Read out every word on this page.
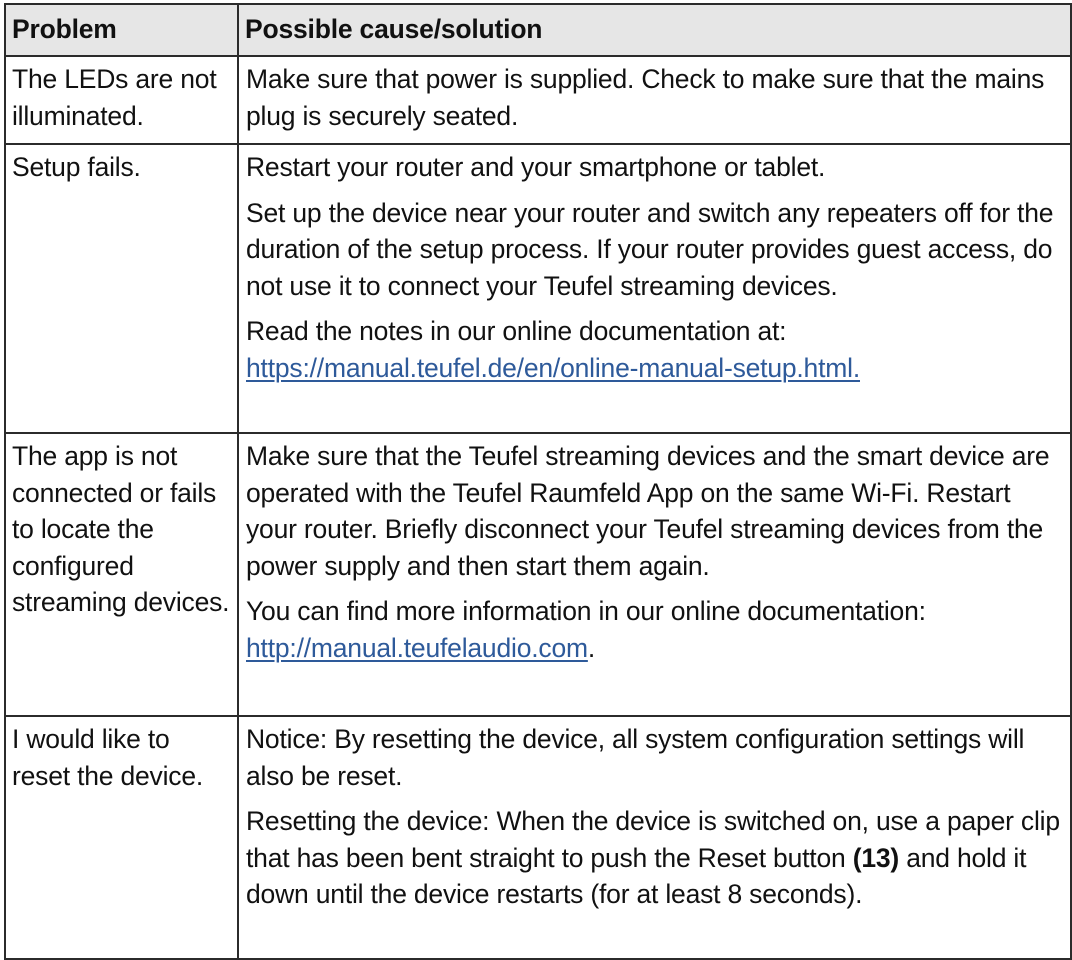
Problem	Possible cause/solution
The LEDs are not illuminated.	Make sure that power is supplied. Check to make sure that the mains plug is securely seated.

Setup fails.	Restart your router and your smartphone or tablet.

Set up the device near your router and switch any repeaters off for the duration of the setup process. If your router provides guest access, do not use it to connect your Teufel streaming devices.

Read the notes in our online documentation at:
https://manual.teufel.de/en/online-manual-setup.html.

The app is not connected or fails to locate the configured streaming devices.	Make sure that the Teufel streaming devices and the smart device are operated with the Teufel Raumfeld App on the same Wi-Fi. Restart your router. Briefly disconnect your Teufel streaming devices from the power supply and then start them again.

You can find more information in our online documentation:
http://manual.teufelaudio.com.

I would like to reset the device.	Notice: By resetting the device, all system configuration settings will also be reset.

Resetting the device: When the device is switched on, use a paper clip that has been bent straight to push the Reset button (13) and hold it down until the device restarts (for at least 8 seconds).
